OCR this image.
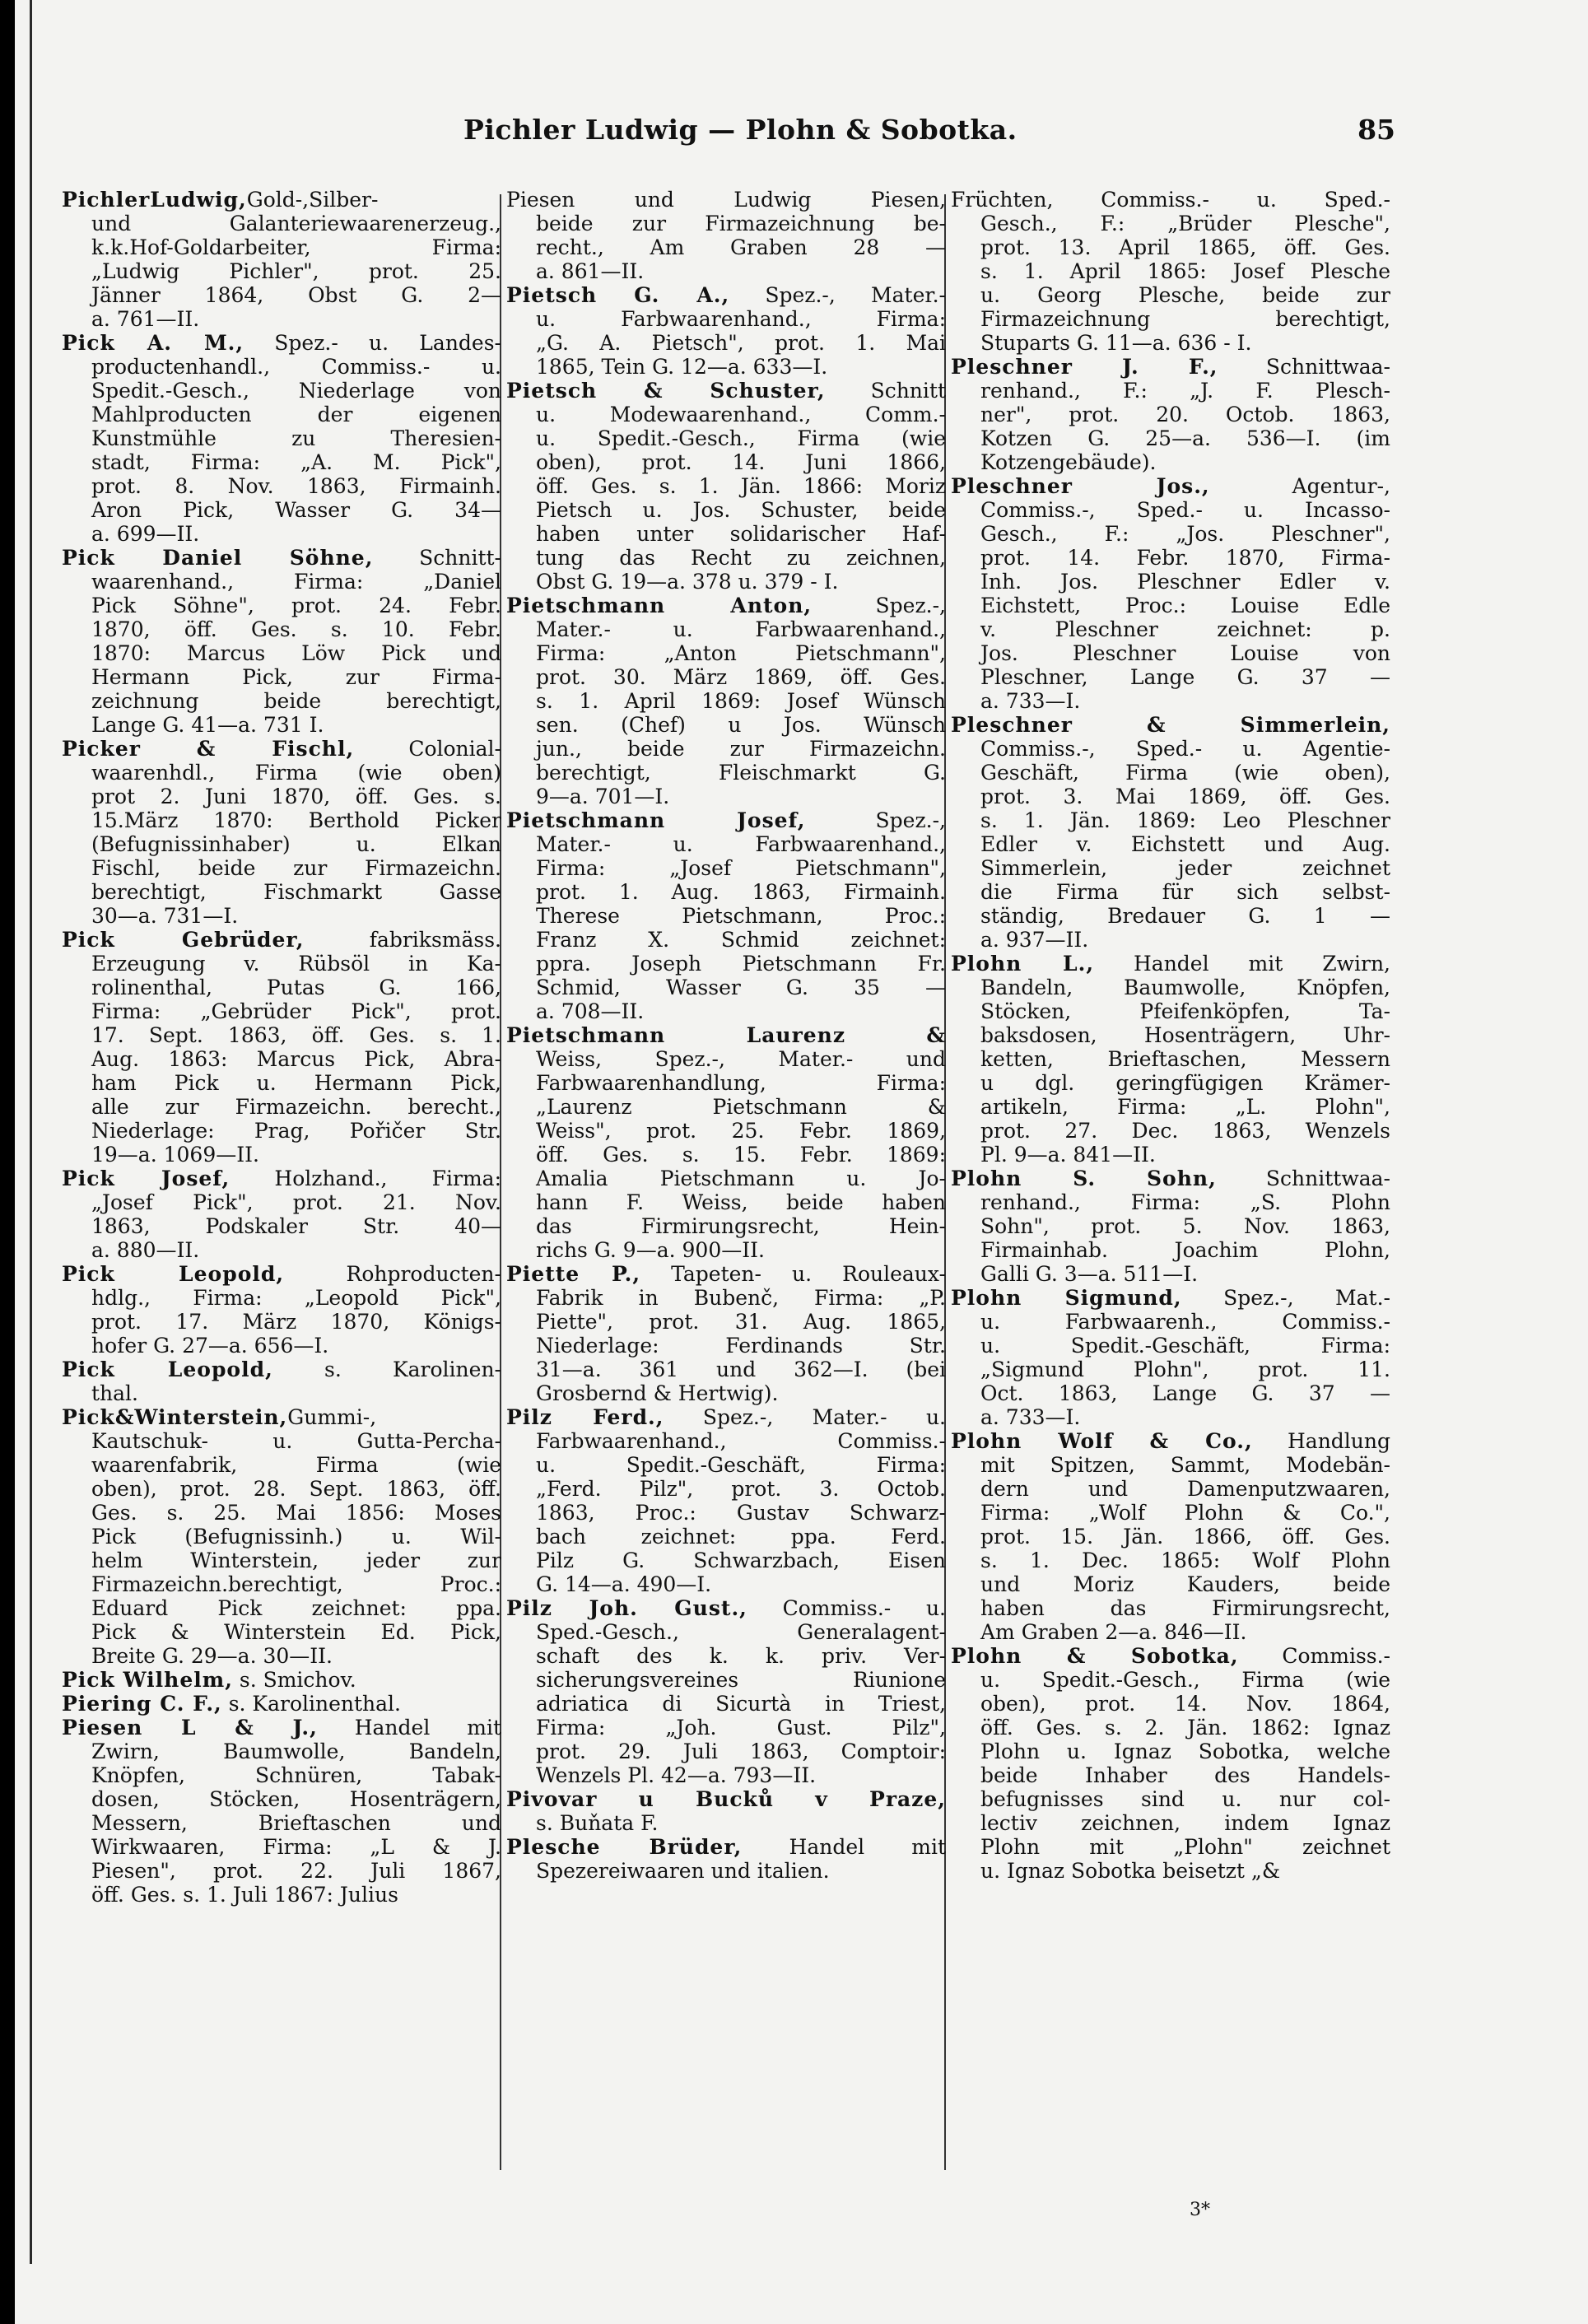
Pichler Ludwig — Plohn & Sobotka.	85
PichlerLudwig,Gold-,Silber-
und Galanteriewaarenerzeug.,
k.k.Hof-Goldarbeiter, Firma:
„Ludwig Pichler", prot. 25.
Jänner 1864, Obst G. 2—
a. 761—II.
Pick A. M., Spez.- u. Landes-
productenhandl., Commiss.- u.
Spedit.-Gesch., Niederlage von
Mahlproducten der eigenen
Kunstmühle zu Theresien-
stadt, Firma: „A. M. Pick",
prot. 8. Nov. 1863, Firmainh.
Aron Pick, Wasser G. 34—
a. 699—II.
Pick Daniel Söhne, Schnitt-
waarenhand., Firma: „Daniel
Pick Söhne", prot. 24. Febr.
1870, öff. Ges. s. 10. Febr.
1870: Marcus Löw Pick und
Hermann Pick, zur Firma-
zeichnung beide berechtigt,
Lange G. 41—a. 731 I.
Picker & Fischl, Colonial-
waarenhdl., Firma (wie oben)
prot 2. Juni 1870, öff. Ges. s.
15.März 1870: Berthold Picker
(Befugnissinhaber) u. Elkan
Fischl, beide zur Firmazeichn.
berechtigt, Fischmarkt Gasse
30—a. 731—I.
Pick Gebrüder, fabriksmäss.
Erzeugung v. Rübsöl in Ka-
rolinenthal, Putas G. 166,
Firma: „Gebrüder Pick", prot.
17. Sept. 1863, öff. Ges. s. 1.
Aug. 1863: Marcus Pick, Abra-
ham Pick u. Hermann Pick,
alle zur Firmazeichn. berecht.,
Niederlage: Prag, Pořičer Str.
19—a. 1069—II.
Pick Josef, Holzhand., Firma:
„Josef Pick", prot. 21. Nov.
1863, Podskaler Str. 40—
a. 880—II.
Pick Leopold, Rohproducten-
hdlg., Firma: „Leopold Pick",
prot. 17. März 1870, Königs-
hofer G. 27—a. 656—I.
Pick Leopold, s. Karolinen-
thal.
Pick&Winterstein,Gummi-,
Kautschuk- u. Gutta-Percha-
waarenfabrik, Firma (wie
oben), prot. 28. Sept. 1863, öff.
Ges. s. 25. Mai 1856: Moses
Pick (Befugnissinh.) u. Wil-
helm Winterstein, jeder zur
Firmazeichn.berechtigt, Proc.:
Eduard Pick zeichnet: ppa.
Pick & Winterstein Ed. Pick,
Breite G. 29—a. 30—II.
Pick Wilhelm, s. Smichov.
Piering C. F., s. Karolinenthal.
Piesen L & J., Handel mit
Zwirn, Baumwolle, Bandeln,
Knöpfen, Schnüren, Tabak-
dosen, Stöcken, Hosenträgern,
Messern, Brieftaschen und
Wirkwaaren, Firma: „L & J.
Piesen", prot. 22. Juli 1867,
öff. Ges. s. 1. Juli 1867: Julius
Piesen und Ludwig Piesen,
beide zur Firmazeichnung be-
recht., Am Graben 28 —
a. 861—II.
Pietsch G. A., Spez.-, Mater.-
u. Farbwaarenhand., Firma:
„G. A. Pietsch", prot. 1. Mai
1865, Tein G. 12—a. 633—I.
Pietsch & Schuster, Schnitt
u. Modewaarenhand., Comm.-
u. Spedit.-Gesch., Firma (wie
oben), prot. 14. Juni 1866,
öff. Ges. s. 1. Jän. 1866: Moriz
Pietsch u. Jos. Schuster, beide
haben unter solidarischer Haf-
tung das Recht zu zeichnen,
Obst G. 19—a. 378 u. 379 - I.
Pietschmann Anton, Spez.-,
Mater.- u. Farbwaarenhand.,
Firma: „Anton Pietschmann",
prot. 30. März 1869, öff. Ges.
s. 1. April 1869: Josef Wünsch
sen. (Chef) u Jos. Wünsch
jun., beide zur Firmazeichn.
berechtigt, Fleischmarkt G.
9—a. 701—I.
Pietschmann Josef, Spez.-,
Mater.- u. Farbwaarenhand.,
Firma: „Josef Pietschmann",
prot. 1. Aug. 1863, Firmainh.
Therese Pietschmann, Proc.:
Franz X. Schmid zeichnet:
ppra. Joseph Pietschmann Fr.
Schmid, Wasser G. 35 —
a. 708—II.
Pietschmann Laurenz &
Weiss, Spez.-, Mater.- und
Farbwaarenhandlung, Firma:
„Laurenz Pietschmann &
Weiss", prot. 25. Febr. 1869,
öff. Ges. s. 15. Febr. 1869:
Amalia Pietschmann u. Jo-
hann F. Weiss, beide haben
das Firmirungsrecht, Hein-
richs G. 9—a. 900—II.
Piette P., Tapeten- u. Rouleaux-
Fabrik in Bubenč, Firma: „P.
Piette", prot. 31. Aug. 1865,
Niederlage: Ferdinands Str.
31—a. 361 und 362—I. (bei
Grosbernd & Hertwig).
Pilz Ferd., Spez.-, Mater.- u.
Farbwaarenhand., Commiss.-
u. Spedit.-Geschäft, Firma:
„Ferd. Pilz", prot. 3. Octob.
1863, Proc.: Gustav Schwarz-
bach zeichnet: ppa. Ferd.
Pilz G. Schwarzbach, Eisen
G. 14—a. 490—I.
Pilz Joh. Gust., Commiss.- u.
Sped.-Gesch., Generalagent-
schaft des k. k. priv. Ver-
sicherungsvereines Riunione
adriatica di Sicurtà in Triest,
Firma: „Joh. Gust. Pilz",
prot. 29. Juli 1863, Comptoir:
Wenzels Pl. 42—a. 793—II.
Pivovar u Bucků v Praze,
s. Buňata F.
Plesche Brüder, Handel mit
Spezereiwaaren und italien.
Früchten, Commiss.- u. Sped.-
Gesch., F.: „Brüder Plesche",
prot. 13. April 1865, öff. Ges.
s. 1. April 1865: Josef Plesche
u. Georg Plesche, beide zur
Firmazeichnung berechtigt,
Stuparts G. 11—a. 636 - I.
Pleschner J. F., Schnittwaa-
renhand., F.: „J. F. Plesch-
ner", prot. 20. Octob. 1863,
Kotzen G. 25—a. 536—I. (im
Kotzengebäude).
Pleschner Jos., Agentur-,
Commiss.-, Sped.- u. Incasso-
Gesch., F.: „Jos. Pleschner",
prot. 14. Febr. 1870, Firma-
Inh. Jos. Pleschner Edler v.
Eichstett, Proc.: Louise Edle
v. Pleschner zeichnet: p.
Jos. Pleschner Louise von
Pleschner, Lange G. 37 —
a. 733—I.
Pleschner & Simmerlein,
Commiss.-, Sped.- u. Agentie-
Geschäft, Firma (wie oben),
prot. 3. Mai 1869, öff. Ges.
s. 1. Jän. 1869: Leo Pleschner
Edler v. Eichstett und Aug.
Simmerlein, jeder zeichnet
die Firma für sich selbst-
ständig, Bredauer G. 1 —
a. 937—II.
Plohn L., Handel mit Zwirn,
Bandeln, Baumwolle, Knöpfen,
Stöcken, Pfeifenköpfen, Ta-
baksdosen, Hosenträgern, Uhr-
ketten, Brieftaschen, Messern
u dgl. geringfügigen Krämer-
artikeln, Firma: „L. Plohn",
prot. 27. Dec. 1863, Wenzels
Pl. 9—a. 841—II.
Plohn S. Sohn, Schnittwaa-
renhand., Firma: „S. Plohn
Sohn", prot. 5. Nov. 1863,
Firmainhab. Joachim Plohn,
Galli G. 3—a. 511—I.
Plohn Sigmund, Spez.-, Mat.-
u. Farbwaarenh., Commiss.-
u. Spedit.-Geschäft, Firma:
„Sigmund Plohn", prot. 11.
Oct. 1863, Lange G. 37 —
a. 733—I.
Plohn Wolf & Co., Handlung
mit Spitzen, Sammt, Modebän-
dern und Damenputzwaaren,
Firma: „Wolf Plohn & Co.",
prot. 15. Jän. 1866, öff. Ges.
s. 1. Dec. 1865: Wolf Plohn
und Moriz Kauders, beide
haben das Firmirungsrecht,
Am Graben 2—a. 846—II.
Plohn & Sobotka, Commiss.-
u. Spedit.-Gesch., Firma (wie
oben), prot. 14. Nov. 1864,
öff. Ges. s. 2. Jän. 1862: Ignaz
Plohn u. Ignaz Sobotka, welche
beide Inhaber des Handels-
befugnisses sind u. nur col-
lectiv zeichnen, indem Ignaz
Plohn mit „Plohn" zeichnet
u. Ignaz Sobotka beisetzt „&
3*
